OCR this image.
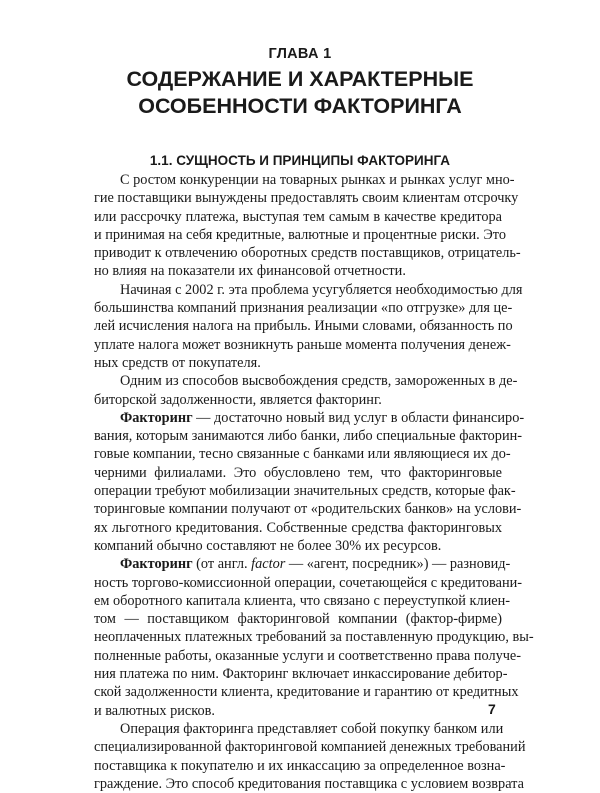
ГЛАВА 1
СОДЕРЖАНИЕ И ХАРАКТЕРНЫЕ
ОСОБЕННОСТИ ФАКТОРИНГА
1.1. СУЩНОСТЬ И ПРИНЦИПЫ ФАКТОРИНГА

С ростом конкуренции на товарных рынках и рынках услуг мно-
гие поставщики вынуждены предоставлять своим клиентам отсрочку
или рассрочку платежа, выступая тем самым в качестве кредитора
и принимая на себя кредитные, валютные и процентные риски. Это
приводит к отвлечению оборотных средств поставщиков, отрицатель-
но влияя на показатели их финансовой отчетности.

Начиная с 2002 г. эта проблема усугубляется необходимостью для
большинства компаний признания реализации «по отгрузке» для це-
лей исчисления налога на прибыль. Иными словами, обязанность по
уплате налога может возникнуть раньше момента получения денеж-
ных средств от покупателя.

Одним из способов высвобождения средств, замороженных в де-
биторской задолженности, является факторинг.

Факторинг — достаточно новый вид услуг в области финансиро-
вания, которым занимаются либо банки, либо специальные факторин-
говые компании, тесно связанные с банками или являющиеся их до-
черними филиалами. Это обусловлено тем, что факторинговые
операции требуют мобилизации значительных средств, которые фак-
торинговые компании получают от «родительских банков» на услови-
ях льготного кредитования. Собственные средства факторинговых
компаний обычно составляют не более 30% их ресурсов.

Факторинг (от англ. factor — «агент, посредник») — разновид-
ность торгово-комиссионной операции, сочетающейся с кредитовани-
ем оборотного капитала клиента, что связано с переуступкой клиен-
том — поставщиком факторинговой компании (фактор-фирме)
неоплаченных платежных требований за поставленную продукцию, вы-
полненные работы, оказанные услуги и соответственно права получе-
ния платежа по ним. Факторинг включает инкассирование дебитор-
ской задолженности клиента, кредитование и гарантию от кредитных
и валютных рисков.

Операция факторинга представляет собой покупку банком или
специализированной факторинговой компанией денежных требований
поставщика к покупателю и их инкассацию за определенное возна-
граждение. Это способ кредитования поставщика с условием возврата

7
